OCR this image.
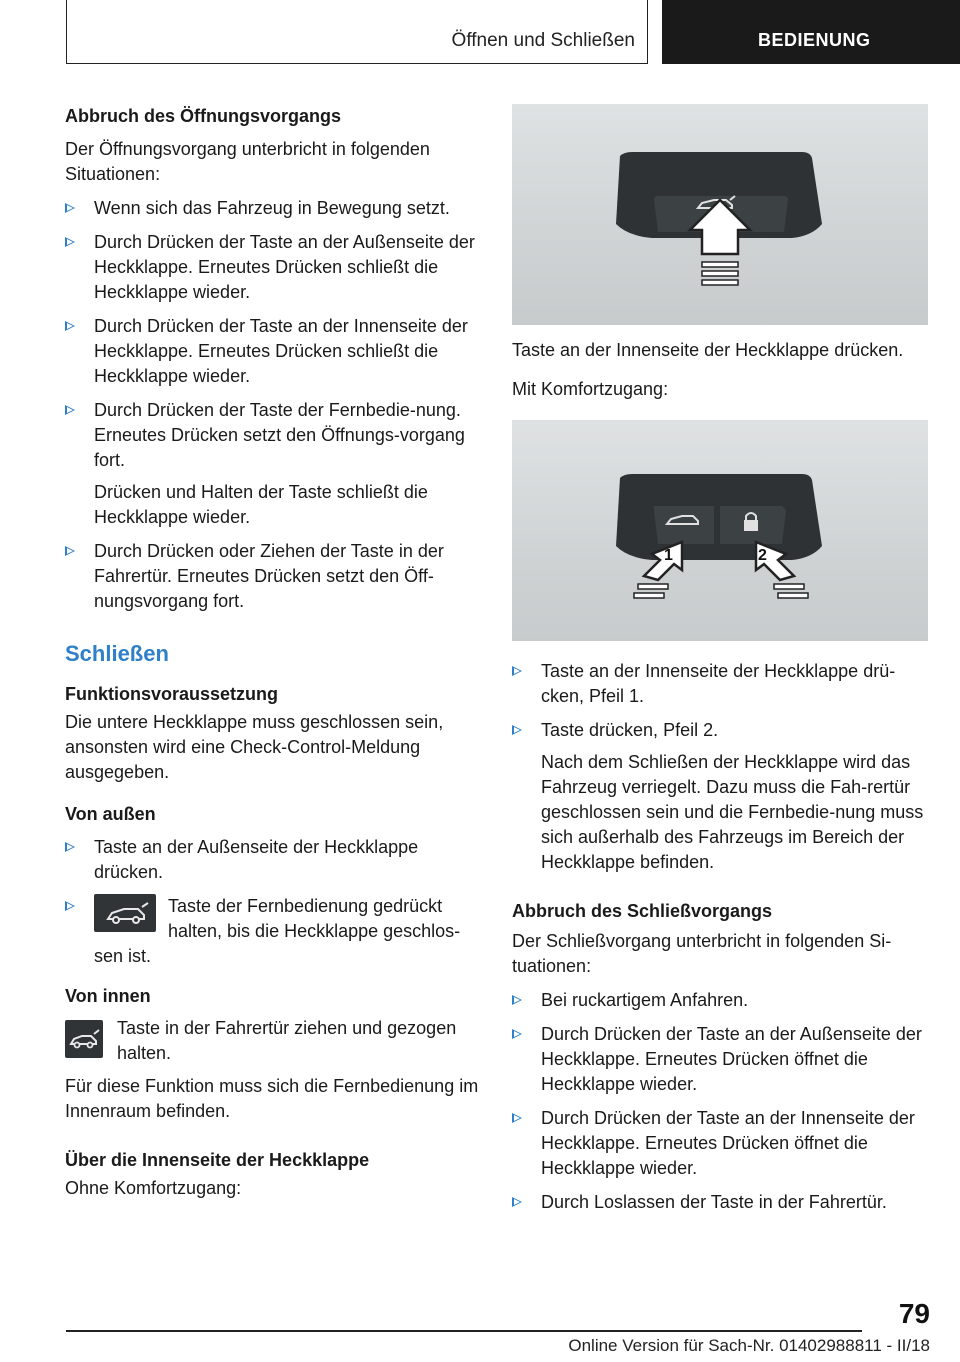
Öffnen und Schließen	BEDIENUNG

Abbruch des Öffnungsvorgangs

Der Öffnungsvorgang unterbricht in folgenden Situationen:

Wenn sich das Fahrzeug in Bewegung setzt.
Durch Drücken der Taste an der Außenseite der Heckklappe. Erneutes Drücken schließt die Heckklappe wieder.
Durch Drücken der Taste an der Innenseite der Heckklappe. Erneutes Drücken schließt die Heckklappe wieder.
Durch Drücken der Taste der Fernbedie-nung. Erneutes Drücken setzt den Öffnungs-vorgang fort.
Drücken und Halten der Taste schließt die Heckklappe wieder.
Durch Drücken oder Ziehen der Taste in der Fahrertür. Erneutes Drücken setzt den Öff-nungsvorgang fort.

Schließen

Funktionsvoraussetzung

Die untere Heckklappe muss geschlossen sein, ansonsten wird eine Check-Control-Meldung ausgegeben.

Von außen

Taste an der Außenseite der Heckklappe drücken.
Taste der Fernbedienung gedrückt halten, bis die Heckklappe geschlos-

sen ist.

Von innen

Taste in der Fahrertür ziehen und gezogen halten.

Für diese Funktion muss sich die Fernbedienung im Innenraum befinden.

Über die Innenseite der Heckklappe

Ohne Komfortzugang:

Taste an der Innenseite der Heckklappe drücken.

Mit Komfortzugang:

1	2
Taste an der Innenseite der Heckklappe drü-cken, Pfeil 1.
Taste drücken, Pfeil 2.
Nach dem Schließen der Heckklappe wird das Fahrzeug verriegelt. Dazu muss die Fah-rertür geschlossen sein und die Fernbedie-nung muss sich außerhalb des Fahrzeugs im Bereich der Heckklappe befinden.

Abbruch des Schließvorgangs

Der Schließvorgang unterbricht in folgenden Si-tuationen:

Bei ruckartigem Anfahren.
Durch Drücken der Taste an der Außenseite der Heckklappe. Erneutes Drücken öffnet die Heckklappe wieder.
Durch Drücken der Taste an der Innenseite der Heckklappe. Erneutes Drücken öffnet die Heckklappe wieder.
Durch Loslassen der Taste in der Fahrertür.
79
Online Version für Sach-Nr. 01402988811 - II/18
